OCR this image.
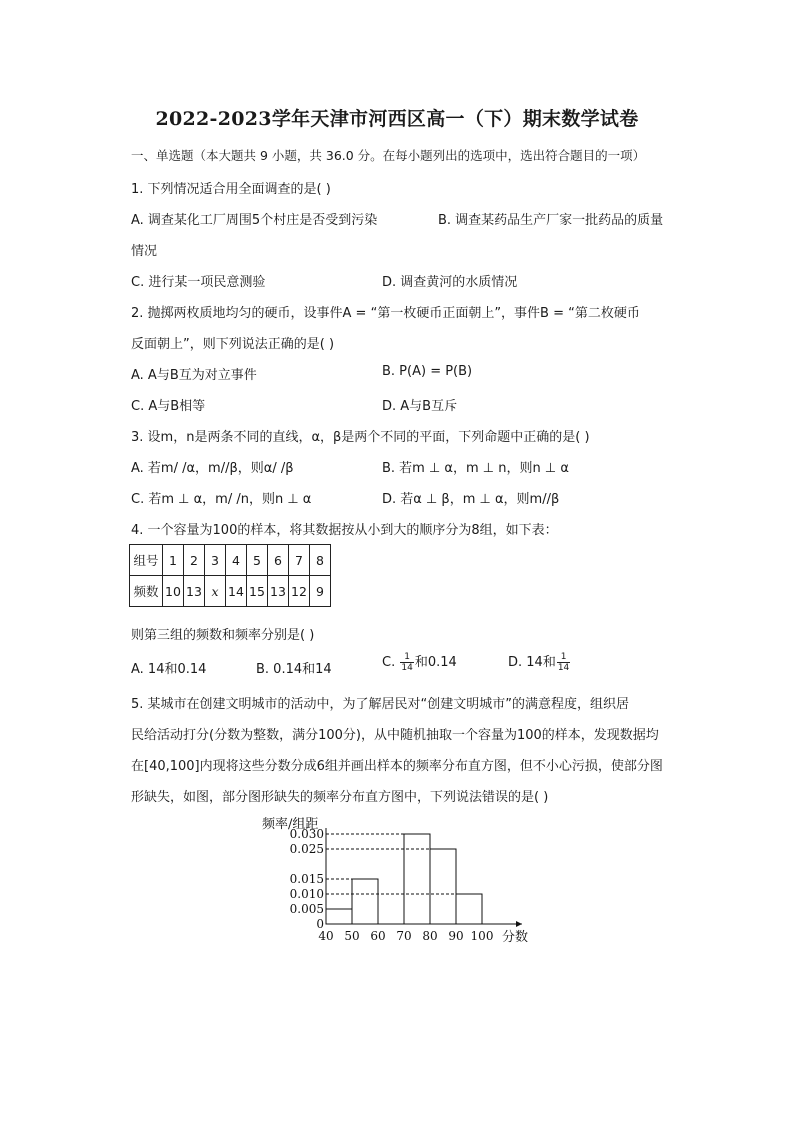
2022-2023学年天津市河西区高一（下）期末数学试卷
一、单选题（本大题共 9 小题，共 36.0 分。在每小题列出的选项中，选出符合题目的一项）
1. 下列情况适合用全面调查的是( )
A. 调查某化工厂周围5个村庄是否受到污染	B. 调查某药品生产厂家一批药品的质量
情况
C. 进行某一项民意测验	D. 调查黄河的水质情况
2. 抛掷两枚质地均匀的硬币，设事件A = “第一枚硬币正面朝上”，事件B = “第二枚硬币
反面朝上”，则下列说法正确的是( )
A. A与B互为对立事件	B. P(A) = P(B)
C. A与B相等	D. A与B互斥
3. 设m，n是两条不同的直线，α，β是两个不同的平面，下列命题中正确的是( )
A. 若m/ /α，m//β，则α/ /β	B. 若m ⊥ α，m ⊥ n，则n ⊥ α
C. 若m ⊥ α，m/ /n，则n ⊥ α	D. 若α ⊥ β，m ⊥ α，则m//β
4. 一个容量为100的样本，将其数据按从小到大的顺序分为8组，如下表：
组号	1	2	3	4	5	6	7	8
频数	10	13	x	14	15	13	12	9
则第三组的频数和频率分别是( )
A. 14和0.14	B. 0.14和14	C. $\frac{1}{14}$ 和0.14	D. 14和 $\frac{1}{14}$
5. 某城市在创建文明城市的活动中，为了解居民对“创建文明城市”的满意程度，组织居
民给活动打分(分数为整数，满分100分)，从中随机抽取一个容量为100的样本，发现数据均
在[40,100]内现将这些分数分成6组并画出样本的频率分布直方图，但不小心污损，使部分图
形缺失，如图，部分图形缺失的频率分布直方图中，下列说法错误的是( )
0
0.005
0.010
0.015
0.025
0.030
40 50 60 70 80 90 100
频率/组距
分数
